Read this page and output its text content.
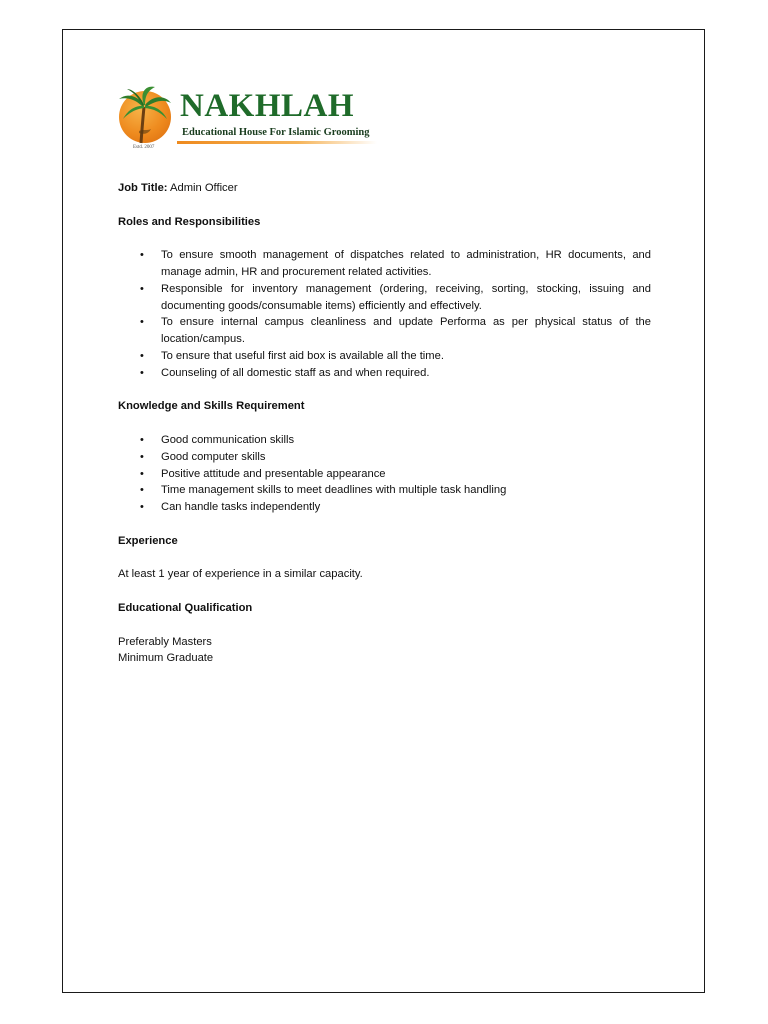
Estd. 2007
NAKHLAH
Educational House For Islamic Grooming

Job Title: Admin Officer

Roles and Responsibilities

• To ensure smooth management of dispatches related to administration, HR documents, and manage admin, HR and procurement related activities.
• Responsible for inventory management (ordering, receiving, sorting, stocking, issuing and documenting goods/consumable items) efficiently and effectively.
• To ensure internal campus cleanliness and update Performa as per physical status of the location/campus.
• To ensure that useful first aid box is available all the time.
• Counseling of all domestic staff as and when required.

Knowledge and Skills Requirement

• Good communication skills
• Good computer skills
• Positive attitude and presentable appearance
• Time management skills to meet deadlines with multiple task handling
• Can handle tasks independently

Experience

At least 1 year of experience in a similar capacity.

Educational Qualification

Preferably Masters

Minimum Graduate
